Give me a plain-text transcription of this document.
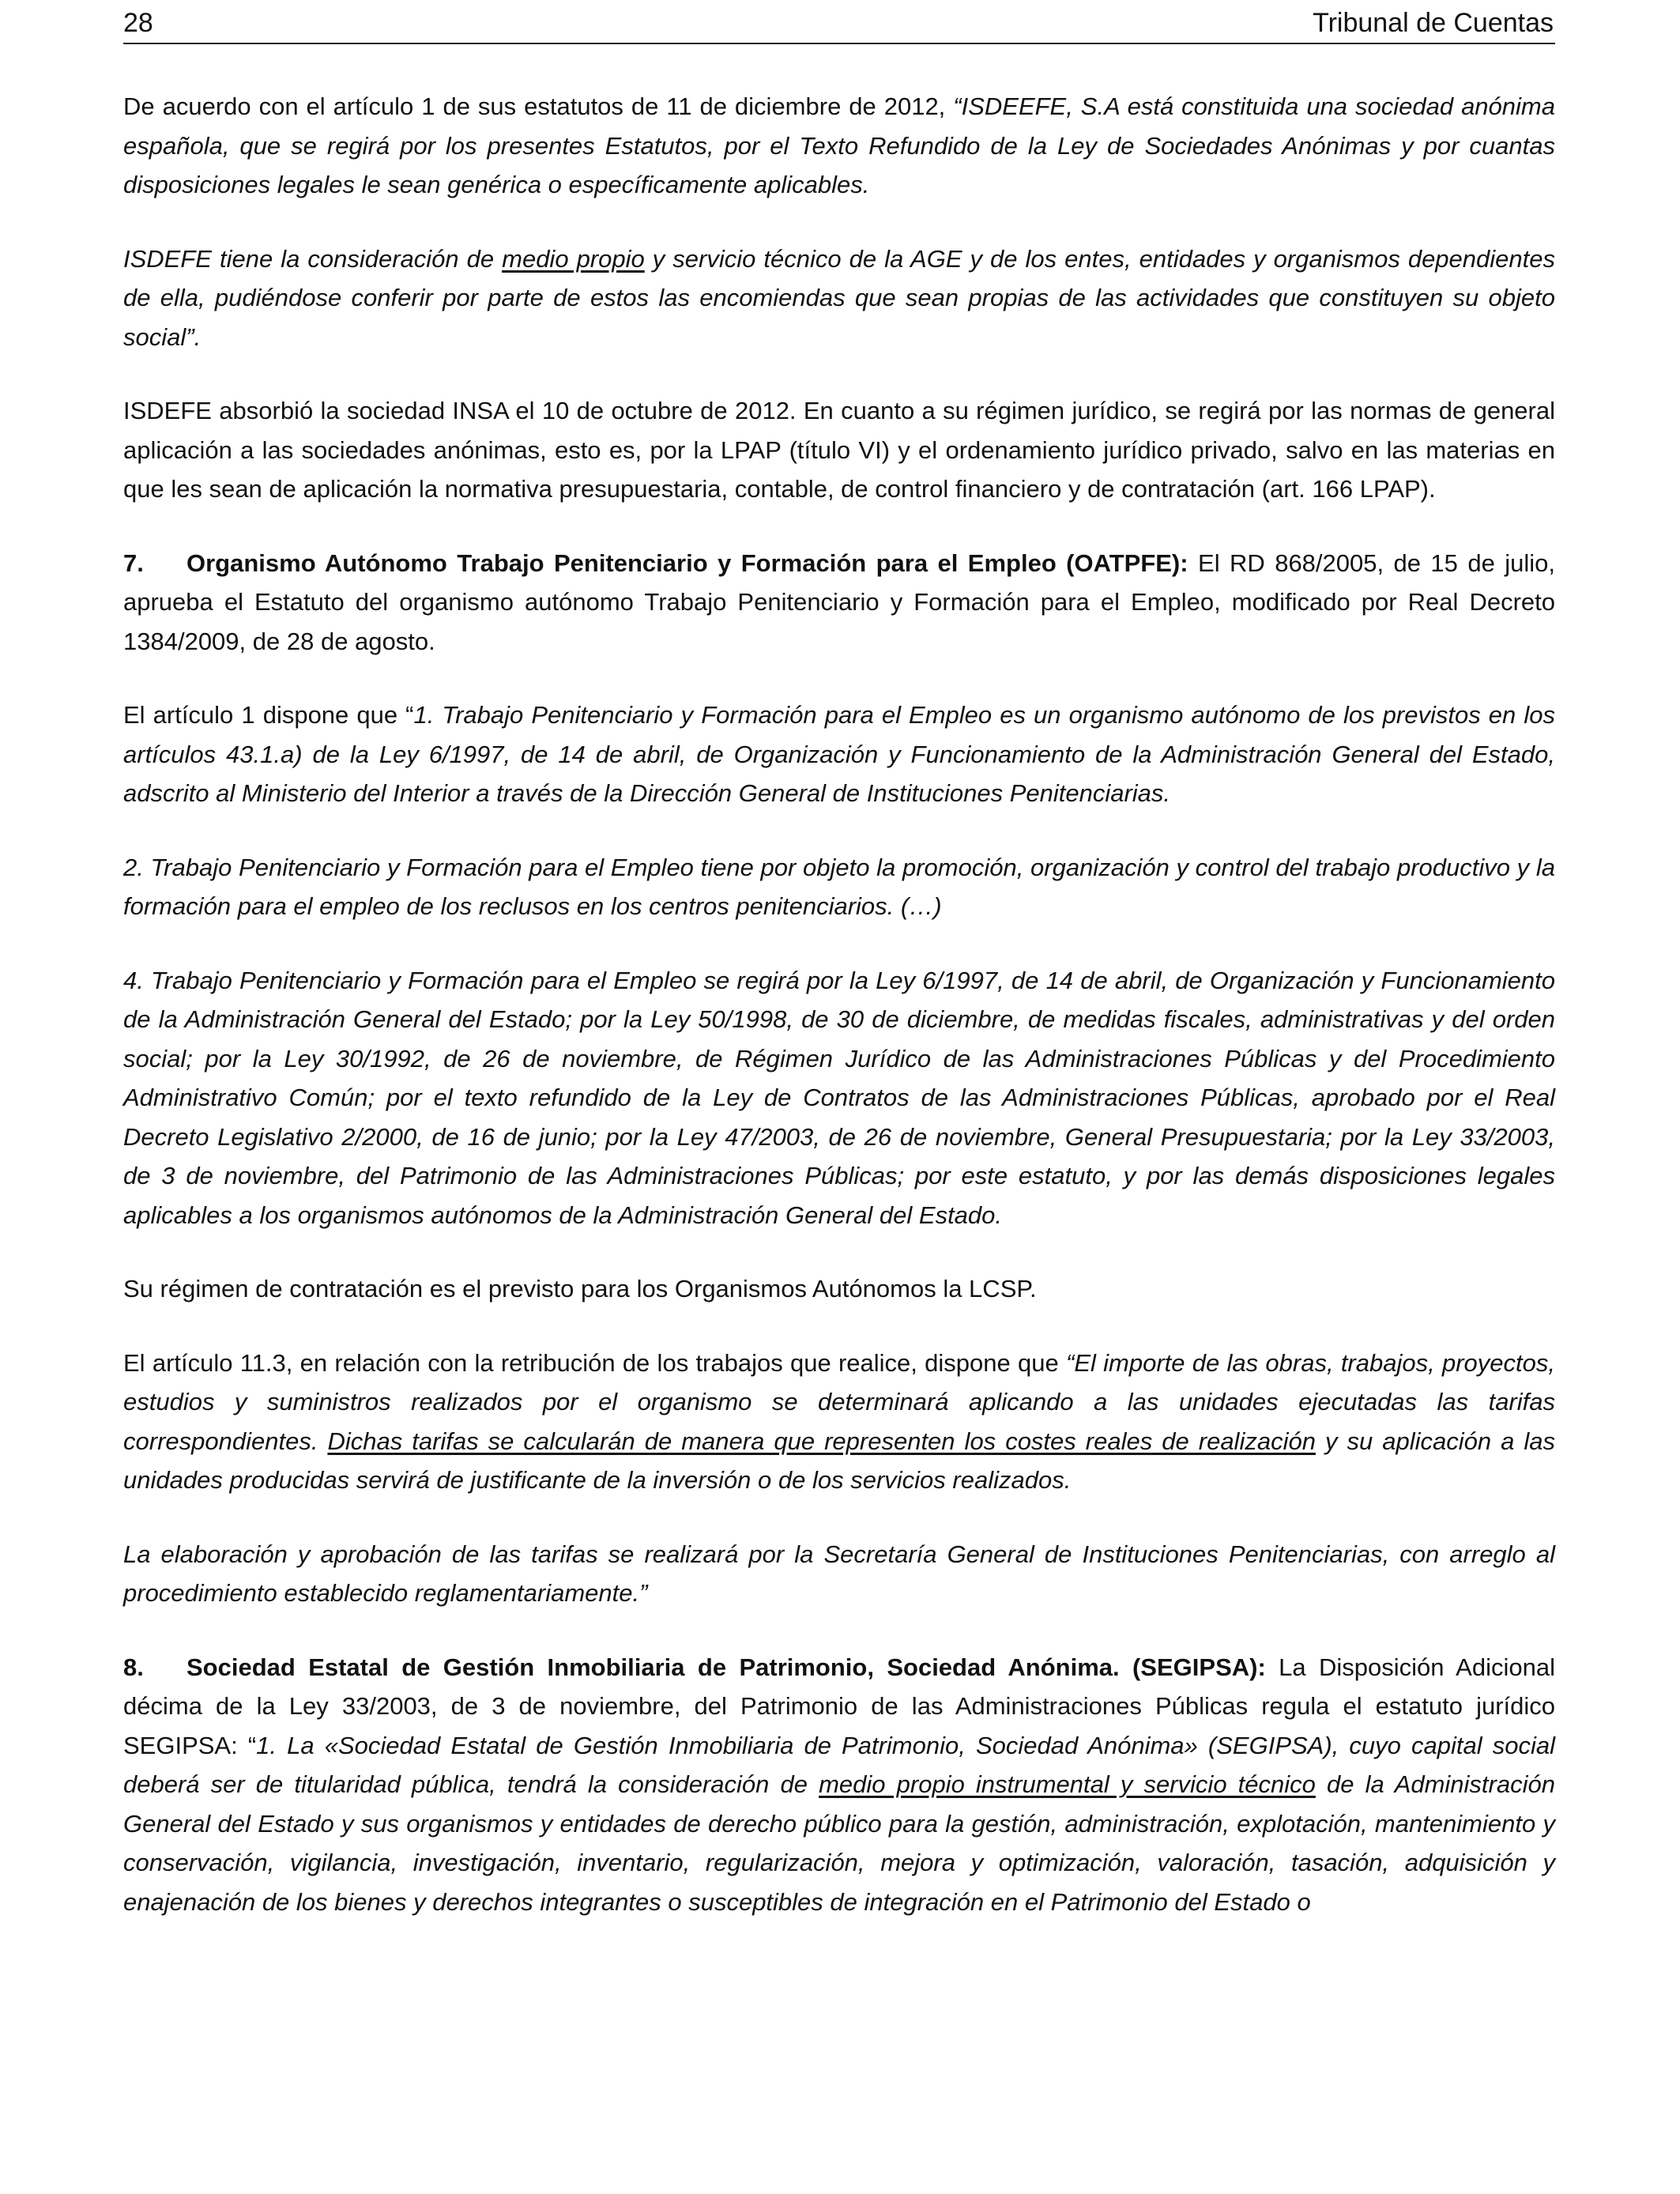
28	Tribunal de Cuentas

De acuerdo con el artículo 1 de sus estatutos de 11 de diciembre de 2012, “ISDEEFE, S.A está constituida una sociedad anónima española, que se regirá por los presentes Estatutos, por el Texto Refundido de la Ley de Sociedades Anónimas y por cuantas disposiciones legales le sean genérica o específicamente aplicables.

ISDEFE tiene la consideración de medio propio y servicio técnico de la AGE y de los entes, entidades y organismos dependientes de ella, pudiéndose conferir por parte de estos las encomiendas que sean propias de las actividades que constituyen su objeto social”.

ISDEFE absorbió la sociedad INSA el 10 de octubre de 2012. En cuanto a su régimen jurídico, se regirá por las normas de general aplicación a las sociedades anónimas, esto es, por la LPAP (título VI) y el ordenamiento jurídico privado, salvo en las materias en que les sean de aplicación la normativa presupuestaria, contable, de control financiero y de contratación (art. 166 LPAP).

7. Organismo Autónomo Trabajo Penitenciario y Formación para el Empleo (OATPFE): El RD 868/2005, de 15 de julio, aprueba el Estatuto del organismo autónomo Trabajo Penitenciario y Formación para el Empleo, modificado por Real Decreto 1384/2009, de 28 de agosto.

El artículo 1 dispone que “1. Trabajo Penitenciario y Formación para el Empleo es un organismo autónomo de los previstos en los artículos 43.1.a) de la Ley 6/1997, de 14 de abril, de Organización y Funcionamiento de la Administración General del Estado, adscrito al Ministerio del Interior a través de la Dirección General de Instituciones Penitenciarias.

2. Trabajo Penitenciario y Formación para el Empleo tiene por objeto la promoción, organización y control del trabajo productivo y la formación para el empleo de los reclusos en los centros penitenciarios. (…)

4. Trabajo Penitenciario y Formación para el Empleo se regirá por la Ley 6/1997, de 14 de abril, de Organización y Funcionamiento de la Administración General del Estado; por la Ley 50/1998, de 30 de diciembre, de medidas fiscales, administrativas y del orden social; por la Ley 30/1992, de 26 de noviembre, de Régimen Jurídico de las Administraciones Públicas y del Procedimiento Administrativo Común; por el texto refundido de la Ley de Contratos de las Administraciones Públicas, aprobado por el Real Decreto Legislativo 2/2000, de 16 de junio; por la Ley 47/2003, de 26 de noviembre, General Presupuestaria; por la Ley 33/2003, de 3 de noviembre, del Patrimonio de las Administraciones Públicas; por este estatuto, y por las demás disposiciones legales aplicables a los organismos autónomos de la Administración General del Estado.

Su régimen de contratación es el previsto para los Organismos Autónomos la LCSP.

El artículo 11.3, en relación con la retribución de los trabajos que realice, dispone que “El importe de las obras, trabajos, proyectos, estudios y suministros realizados por el organismo se determinará aplicando a las unidades ejecutadas las tarifas correspondientes. Dichas tarifas se calcularán de manera que representen los costes reales de realización y su aplicación a las unidades producidas servirá de justificante de la inversión o de los servicios realizados.

La elaboración y aprobación de las tarifas se realizará por la Secretaría General de Instituciones Penitenciarias, con arreglo al procedimiento establecido reglamentariamente.”

8. Sociedad Estatal de Gestión Inmobiliaria de Patrimonio, Sociedad Anónima. (SEGIPSA): La Disposición Adicional décima de la Ley 33/2003, de 3 de noviembre, del Patrimonio de las Administraciones Públicas regula el estatuto jurídico SEGIPSA: “1. La «Sociedad Estatal de Gestión Inmobiliaria de Patrimonio, Sociedad Anónima» (SEGIPSA), cuyo capital social deberá ser de titularidad pública, tendrá la consideración de medio propio instrumental y servicio técnico de la Administración General del Estado y sus organismos y entidades de derecho público para la gestión, administración, explotación, mantenimiento y conservación, vigilancia, investigación, inventario, regularización, mejora y optimización, valoración, tasación, adquisición y enajenación de los bienes y derechos integrantes o susceptibles de integración en el Patrimonio del Estado o
